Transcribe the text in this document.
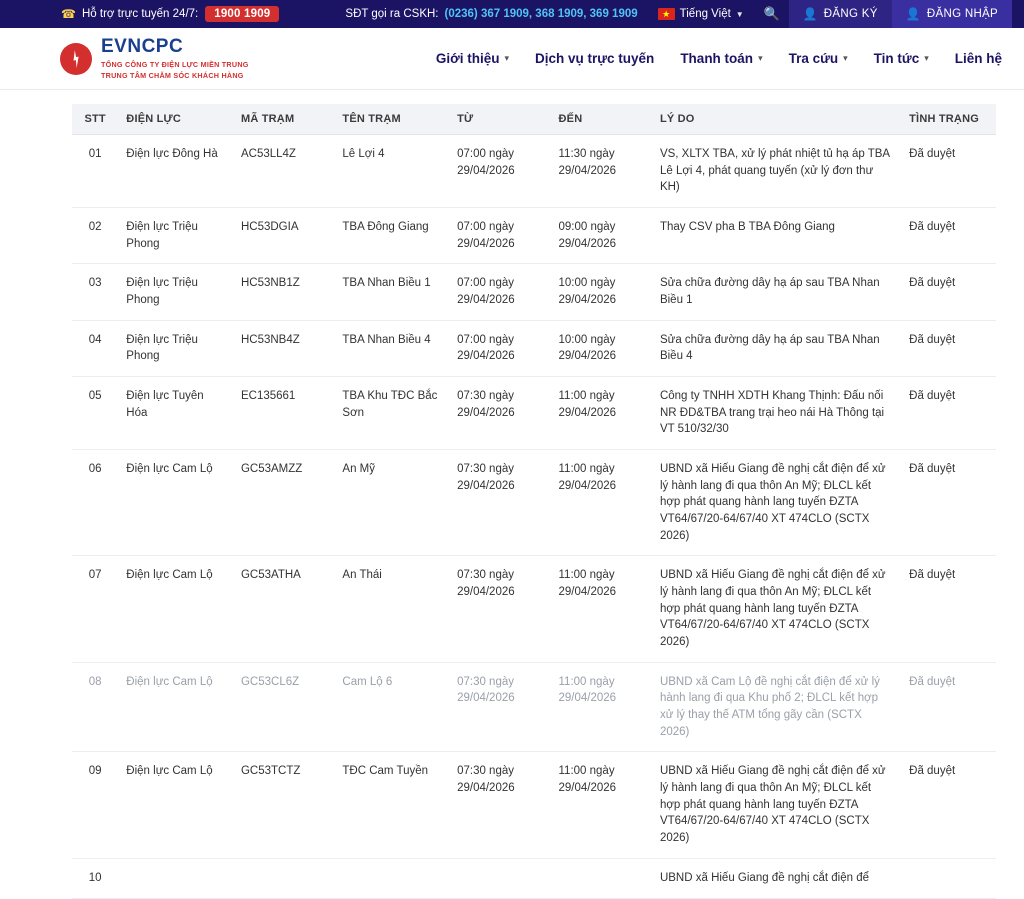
☎ Hỗ trợ trực tuyến 24/7:	1900 1909	SĐT gọi ra CSKH: (0236) 367 1909, 368 1909, 369 1909	★ Tiếng Việt ▼	🔍	👤 ĐĂNG KÝ 👤 ĐĂNG NHẬP
EVNCPC
TỔNG CÔNG TY ĐIỆN LỰC MIỀN TRUNG
TRUNG TÂM CHĂM SÓC KHÁCH HÀNG
Giới thiệu ▾ Dịch vụ trực tuyến Thanh toán ▾ Tra cứu ▾ Tin tức ▾ Liên hệ
STT	ĐIỆN LỰC	MÃ TRẠM	TÊN TRẠM	TỪ	ĐẾN	LÝ DO	TÌNH TRẠNG
01	Điện lực Đông Hà	AC53LL4Z	Lê Lợi 4	07:00 ngày 29/04/2026	11:30 ngày 29/04/2026	VS, XLTX TBA, xử lý phát nhiệt tủ hạ áp TBA Lê Lợi 4, phát quang tuyến (xử lý đơn thư KH)	Đã duyệt
02	Điện lực Triệu Phong	HC53DGIA	TBA Đông Giang	07:00 ngày 29/04/2026	09:00 ngày 29/04/2026	Thay CSV pha B TBA Đông Giang	Đã duyệt
03	Điện lực Triệu Phong	HC53NB1Z	TBA Nhan Biều 1	07:00 ngày 29/04/2026	10:00 ngày 29/04/2026	Sửa chữa đường dây hạ áp sau TBA Nhan Biều 1	Đã duyệt
04	Điện lực Triệu Phong	HC53NB4Z	TBA Nhan Biều 4	07:00 ngày 29/04/2026	10:00 ngày 29/04/2026	Sửa chữa đường dây hạ áp sau TBA Nhan Biều 4	Đã duyệt
05	Điện lực Tuyên Hóa	EC135661	TBA Khu TĐC Bắc Sơn	07:30 ngày 29/04/2026	11:00 ngày 29/04/2026	Công ty TNHH XDTH Khang Thịnh: Đấu nối NR ĐD&TBA trang trại heo nái Hà Thông tại VT 510/32/30	Đã duyệt
06	Điện lực Cam Lộ	GC53AMZZ	An Mỹ	07:30 ngày 29/04/2026	11:00 ngày 29/04/2026	UBND xã Hiếu Giang đề nghị cắt điện để xử lý hành lang đi qua thôn An Mỹ; ĐLCL kết hợp phát quang hành lang tuyến ĐZTA VT64/67/20-64/67/40 XT 474CLO (SCTX 2026)	Đã duyệt
07	Điện lực Cam Lộ	GC53ATHA	An Thái	07:30 ngày 29/04/2026	11:00 ngày 29/04/2026	UBND xã Hiếu Giang đề nghị cắt điện để xử lý hành lang đi qua thôn An Mỹ; ĐLCL kết hợp phát quang hành lang tuyến ĐZTA VT64/67/20-64/67/40 XT 474CLO (SCTX 2026)	Đã duyệt
08	Điện lực Cam Lộ	GC53CL6Z	Cam Lộ 6	07:30 ngày 29/04/2026	11:00 ngày 29/04/2026	UBND xã Cam Lộ đề nghị cắt điện để xử lý hành lang đi qua Khu phố 2; ĐLCL kết hợp xử lý thay thế ATM tổng gãy cần (SCTX 2026)	Đã duyệt
09	Điện lực Cam Lộ	GC53TCTZ	TĐC Cam Tuyền	07:30 ngày 29/04/2026	11:00 ngày 29/04/2026	UBND xã Hiếu Giang đề nghị cắt điện để xử lý hành lang đi qua thôn An Mỹ; ĐLCL kết hợp phát quang hành lang tuyến ĐZTA VT64/67/20-64/67/40 XT 474CLO (SCTX 2026)	Đã duyệt
10						UBND xã Hiếu Giang đề nghị cắt điện để	
